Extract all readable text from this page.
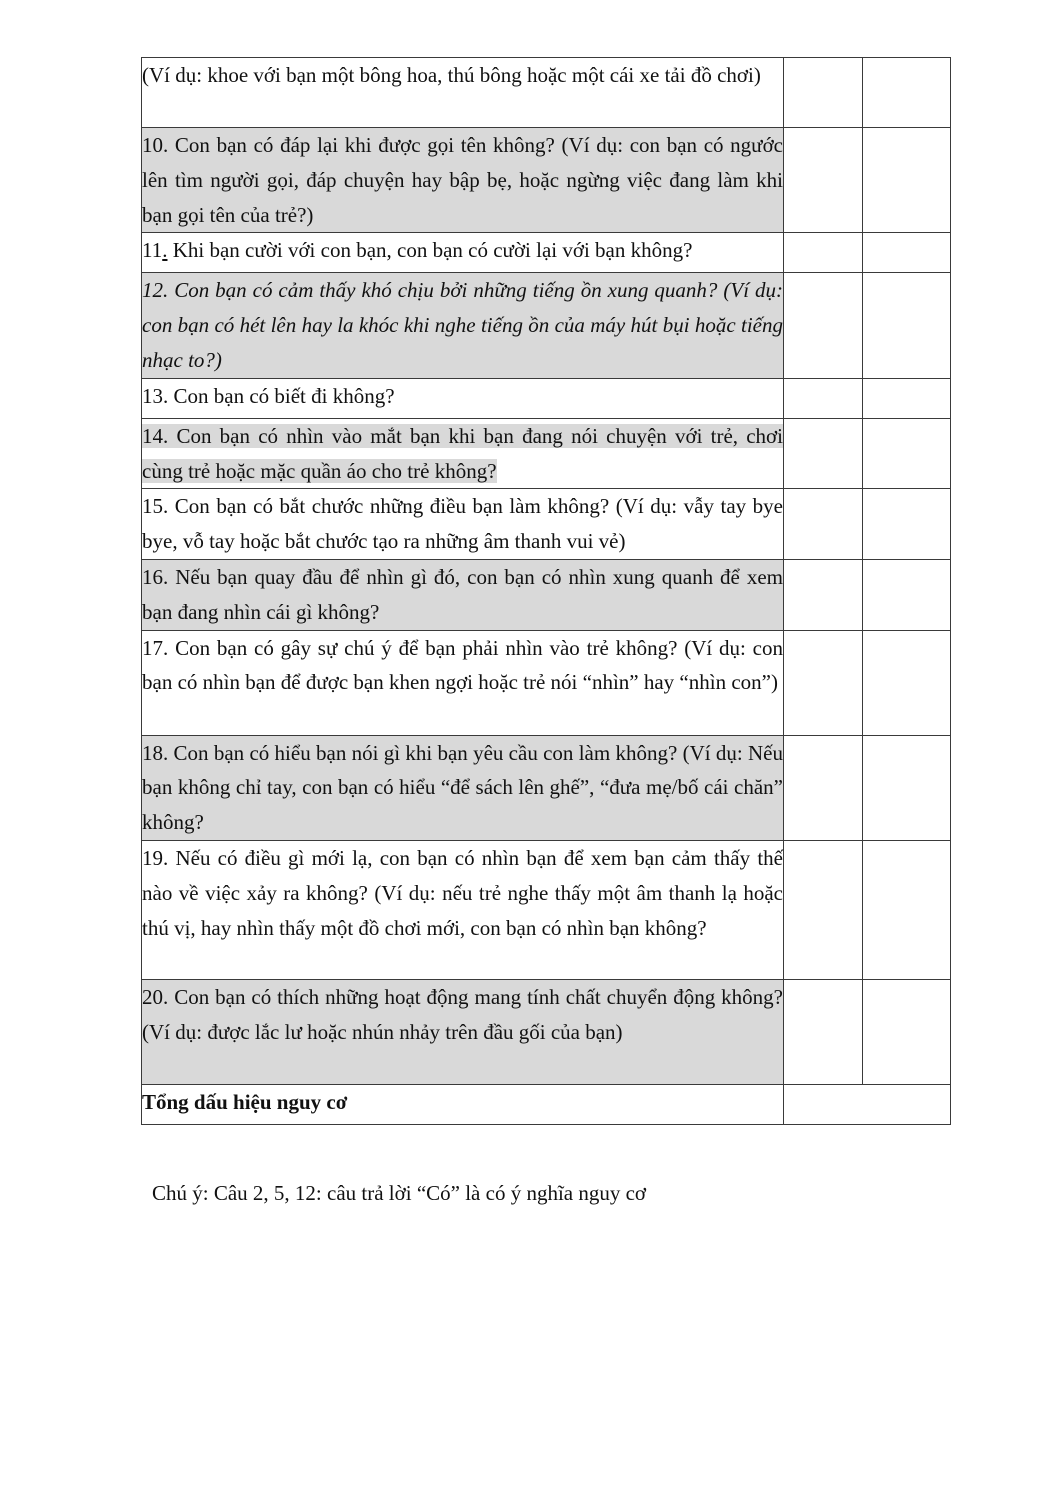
(Ví dụ: khoe với bạn một bông hoa, thú bông hoặc một cái xe tải đồ chơi)		

10. Con bạn có đáp lại khi được gọi tên không? (Ví dụ: con bạn có ngước lên tìm người gọi, đáp chuyện hay bập bẹ, hoặc ngừng việc đang làm khi bạn gọi tên của trẻ?)		

11. Khi bạn cười với con bạn, con bạn có cười lại với bạn không?		

12. Con bạn có cảm thấy khó chịu bởi những tiếng ồn xung quanh? (Ví dụ: con bạn có hét lên hay la khóc khi nghe tiếng ồn của máy hút bụi hoặc tiếng nhạc to?)		

13. Con bạn có biết đi không?		

14. Con bạn có nhìn vào mắt bạn khi bạn đang nói chuyện với trẻ, chơi cùng trẻ hoặc mặc quần áo cho trẻ không?		

15. Con bạn có bắt chước những điều bạn làm không? (Ví dụ: vẫy tay bye bye, vỗ tay hoặc bắt chước tạo ra những âm thanh vui vẻ)		

16. Nếu bạn quay đầu để nhìn gì đó, con bạn có nhìn xung quanh để xem bạn đang nhìn cái gì không?		

17. Con bạn có gây sự chú ý để bạn phải nhìn vào trẻ không? (Ví dụ: con bạn có nhìn bạn để được bạn khen ngợi hoặc trẻ nói “nhìn” hay “nhìn con”)		

18. Con bạn có hiểu bạn nói gì khi bạn yêu cầu con làm không? (Ví dụ: Nếu bạn không chỉ tay, con bạn có hiểu “để sách lên ghế”, “đưa mẹ/bố cái chăn” không?		

19. Nếu có điều gì mới lạ, con bạn có nhìn bạn để xem bạn cảm thấy thế nào về việc xảy ra không? (Ví dụ: nếu trẻ nghe thấy một âm thanh lạ hoặc thú vị, hay nhìn thấy một đồ chơi mới, con bạn có nhìn bạn không?		

20. Con bạn có thích những hoạt động mang tính chất chuyển động không? (Ví dụ: được lắc lư hoặc nhún nhảy trên đầu gối của bạn)		

Tổng dấu hiệu nguy cơ		

Chú ý: Câu 2, 5, 12: câu trả lời “Có” là có ý nghĩa nguy cơ
